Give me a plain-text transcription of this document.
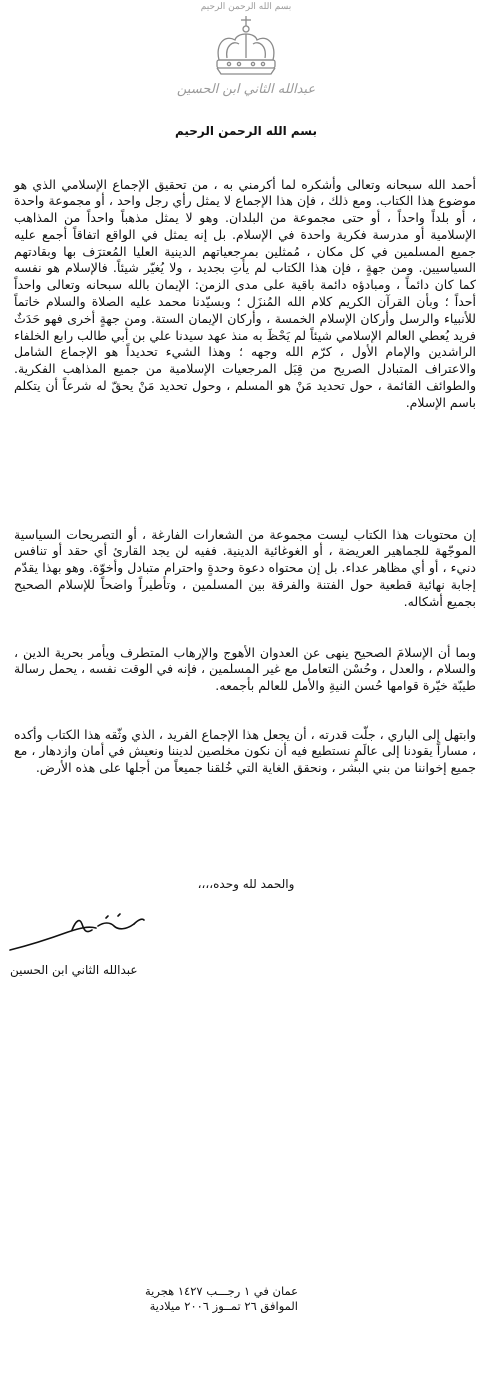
بسم الله الرحمن الرحيم
عبدالله الثاني ابن الحسين
بسم الله الرحمن الرحيم

أحمد الله سبحانه وتعالى وأشكره لما أكرمني به ، من تحقيق الإجماع الإسلامي الذي هو موضوع هذا الكتاب. ومع ذلك ، فإن هذا الإجماع لا يمثل رأي رجل واحد ، أو مجموعة واحدة ، أو بلداً واحداً ، أو حتى مجموعة من البلدان. وهو لا يمثل مذهباً واحداً من المذاهب الإسلامية أو مدرسة فكرية واحدة في الإسلام. بل إنه يمثل في الواقع اتفاقاً أجمع عليه جميع المسلمين في كل مكان ، مُمثلين بمرجعياتهم الدينية العليا المُعترَف بها وبقادتهم السياسيين. ومن جهةٍ ، فإن هذا الكتاب لم يأتِ بجديد ، ولا يُغيّر شيئاً. فالإسلام هو نفسه كما كان دائماً ، ومبادؤه دائمة باقية على مدى الزمن: الإيمان بالله سبحانه وتعالى واحداً أحداً ؛ وبأن القرآن الكريم كلام الله المُنزَل ؛ وبسيّدنا محمد عليه الصلاة والسلام خاتماً للأنبياء والرسل وأركان الإسلام الخمسة ، وأركان الإيمان الستة. ومن جهةٍ أخرى فهو حَدَثٌ فريد يُعطي العالم الإسلامي شيئاً لم يَحْظَ به منذ عهد سيدنا علي بن أبي طالب رابع الخلفاء الراشدين والإمام الأول ، كرّم الله وجهه ؛ وهذا الشيء تحديداً هو الإجماع الشامل والاعتراف المتبادل الصريح من قِبَل المرجعيات الإسلامية من جميع المذاهب الفكرية. والطوائف القائمة ، حول تحديد مَنْ هو المسلم ، وحول تحديد مَنْ يحقّ له شرعاً أن يتكلم باسم الإسلام.

إن محتويات هذا الكتاب ليست مجموعة من الشعارات الفارغة ، أو التصريحات السياسية الموجّهة للجماهير العريضة ، أو الغوغائية الدينية. ففيه لن يجد القارئ أي حقد أو تنافس دنيء ، أو أي مظاهر عداء. بل إن محتواه دعوة وحدةٍ واحترام متبادل وأخوّة. وهو بهذا يقدّم إجابة نهائية قطعية حول الفتنة والفرقة بين المسلمين ، وتأطيراً واضحاً للإسلام الصحيح بجميع أشكاله.

وبما أن الإسلامَ الصحيح ينهى عن العدوان الأهوج والإرهاب المتطرف ويأمر بحرية الدين ، والسلام ، والعدل ، وحُسْن التعامل مع غير المسلمين ، فإنه في الوقت نفسه ، يحمل رسالة طيبّة خيّرة قوامها حُسن النيةِ والأمل للعالم بأجمعه.

وابتهل إلى الباري ، جلّت قدرته ، أن يجعل هذا الإجماع الفريد ، الذي وثّقه هذا الكتاب وأكده ، مساراً يقودنا إلى عالَمٍ نستطيع فيه أن نكون مخلصين لديننا ونعيش في أمان وازدهار ، مع جميع إخواننا من بني البشر ، ونحقق الغاية التي خُلقنا جميعاً من أجلها على هذه الأرض.

والحمد لله وحده،،،،
عبدالله الثاني ابن الحسين
عمان في ١ رجـــب ١٤٢٧ هجرية
الموافق ٢٦ تمــوز ٢٠٠٦ ميلادية
